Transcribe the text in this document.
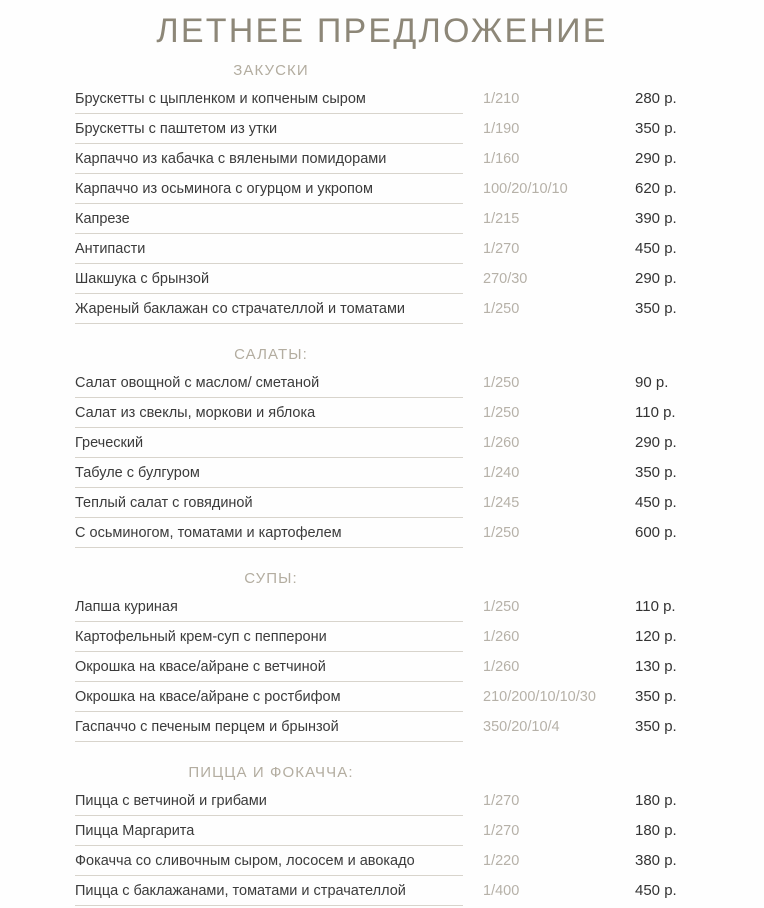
ЛЕТНЕЕ ПРЕДЛОЖЕНИЕ
ЗАКУСКИ
Брускетты с цыпленком и копченым сыром	1/210	280 р.
Брускетты с паштетом из утки	1/190	350 р.
Карпаччо из кабачка с вялеными помидорами	1/160	290 р.
Карпаччо из осьминога с огурцом и укропом	100/20/10/10	620 р.
Капрезе	1/215	390 р.
Антипасти	1/270	450 р.
Шакшука с брынзой	270/30	290 р.
Жареный баклажан со страчателлой и томатами	1/250	350 р.
САЛАТЫ:
Салат овощной с маслом/ сметаной	1/250	90 р.
Салат из свеклы, моркови и яблока	1/250	110 р.
Греческий	1/260	290 р.
Табуле с булгуром	1/240	350 р.
Теплый салат с говядиной	1/245	450 р.
С осьминогом, томатами и картофелем	1/250	600 р.
СУПЫ:
Лапша куриная	1/250	110 р.
Картофельный крем-суп с пепперони	1/260	120 р.
Окрошка на квасе/айране с ветчиной	1/260	130 р.
Окрошка на квасе/айране с ростбифом	210/200/10/10/30	350 р.
Гаспаччо с печеным перцем и брынзой	350/20/10/4	350 р.
ПИЦЦА И ФОКАЧЧА:
Пицца с ветчиной и грибами	1/270	180 р.
Пицца Маргарита	1/270	180 р.
Фокачча со сливочным сыром, лососем и авокадо	1/220	380 р.
Пицца с баклажанами, томатами и страчателлой	1/400	450 р.
